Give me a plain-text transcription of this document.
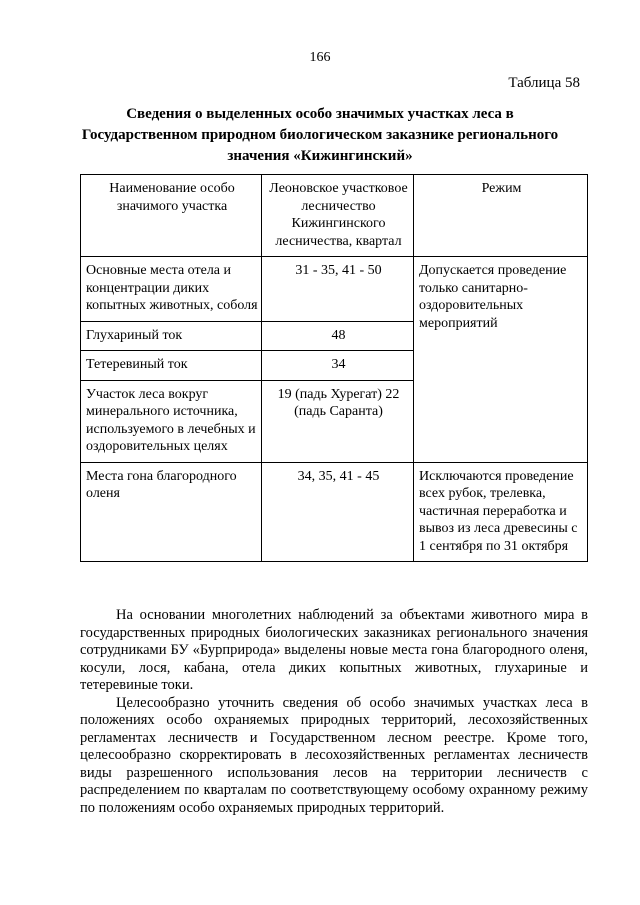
166
Таблица 58
Сведения о выделенных особо значимых участках леса в Государственном природном биологическом заказнике регионального значения «Кижингинский»
Наименование особо значимого участка	Леоновское участковое лесничество Кижингинского лесничества, квартал	Режим
Основные места отела и концентрации диких копытных животных, соболя	31 - 35, 41 - 50	Допускается проведение только санитарно- оздоровительных мероприятий
Глухариный ток	48	
Тетеревиный ток	34	
Участок леса вокруг минерального источника, используемого в лечебных и оздоровительных целях	19 (падь Хурегат) 22 (падь Саранта)	
Места гона благородного оленя	34, 35, 41 - 45	Исключаются проведение всех рубок, трелевка, частичная переработка и вывоз из леса древесины с 1 сентября по 31 октября

На основании многолетних наблюдений за объектами животного мира в государственных природных биологических заказниках регионального значения сотрудниками БУ «Бурприрода» выделены новые места гона благородного оленя, косули, лося, кабана, отела диких копытных животных, глухариные и тетеревиные токи.

Целесообразно уточнить сведения об особо значимых участках леса в положениях особо охраняемых природных территорий, лесохозяйственных регламентах лесничеств и Государственном лесном реестре. Кроме того, целесообразно скорректировать в лесохозяйственных регламентах лесничеств виды разрешенного использования лесов на территории лесничеств с распределением по кварталам по соответствующему особому охранному режиму по положениям особо охраняемых природных территорий.
